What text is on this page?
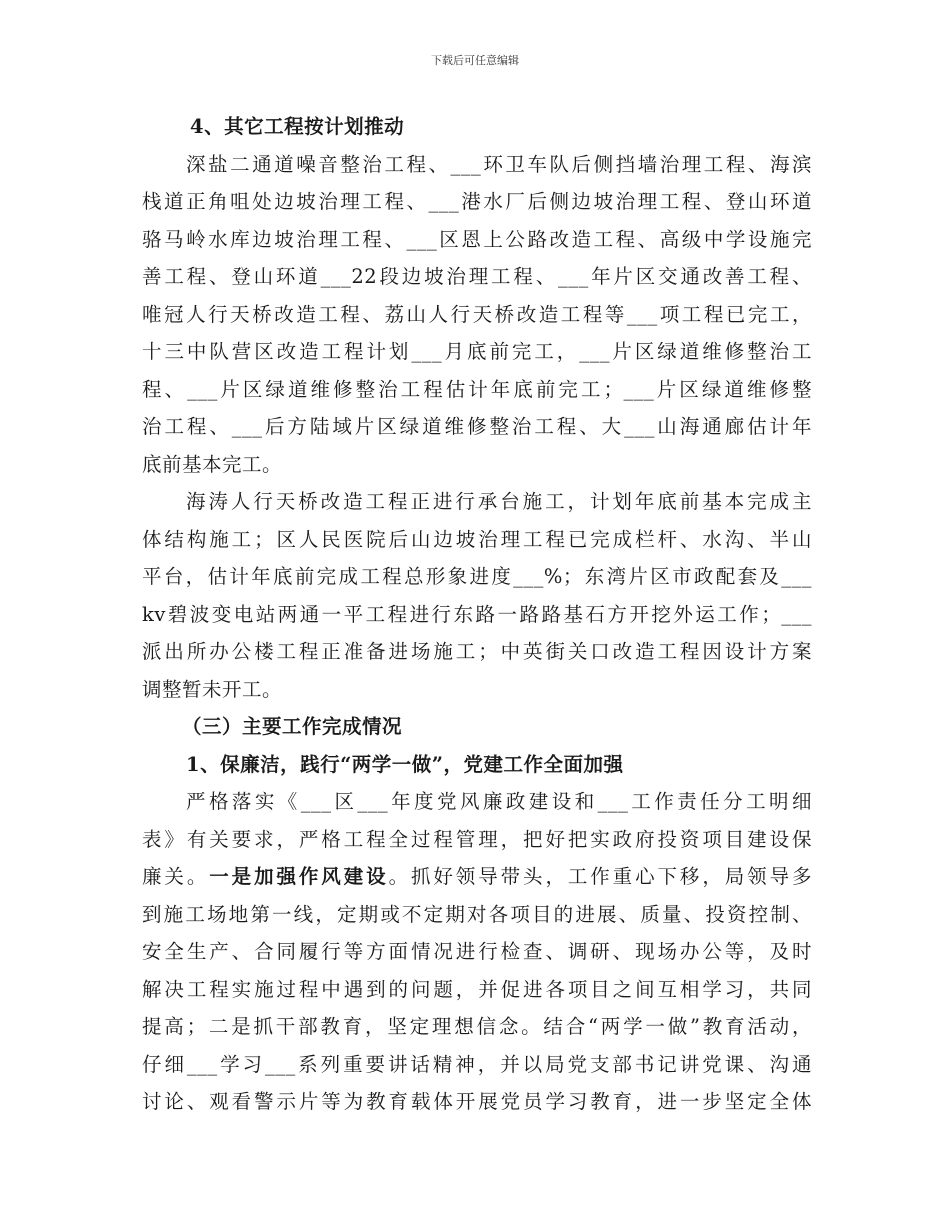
下载后可任意编辑
4、其它工程按计划推动
深盐二通道噪音整治工程、___环卫车队后侧挡墙治理工程、海滨
栈道正角咀处边坡治理工程、___港水厂后侧边坡治理工程、登山环道
骆马岭水库边坡治理工程、___区恩上公路改造工程、高级中学设施完
善工程、登山环道___22段边坡治理工程、___年片区交通改善工程、
唯冠人行天桥改造工程、荔山人行天桥改造工程等___项工程已完工，
十三中队营区改造工程计划___月底前完工，___片区绿道维修整治工
程、___片区绿道维修整治工程估计年底前完工；___片区绿道维修整
治工程、___后方陆域片区绿道维修整治工程、大___山海通廊估计年
底前基本完工。
海涛人行天桥改造工程正进行承台施工，计划年底前基本完成主
体结构施工；区人民医院后山边坡治理工程已完成栏杆、水沟、半山
平台，估计年底前完成工程总形象进度___%；东湾片区市政配套及___
kv碧波变电站两通一平工程进行东路一路路基石方开挖外运工作；___
派出所办公楼工程正准备进场施工；中英街关口改造工程因设计方案
调整暂未开工。
（三）主要工作完成情况
1、保廉洁，践行“两学一做”，党建工作全面加强
严格落实《___区___年度党风廉政建设和___工作责任分工明细
表》有关要求，严格工程全过程管理，把好把实政府投资项目建设保
廉关。一是加强作风建设。抓好领导带头，工作重心下移，局领导多
到施工场地第一线，定期或不定期对各项目的进展、质量、投资控制、
安全生产、合同履行等方面情况进行检查、调研、现场办公等，及时
解决工程实施过程中遇到的问题，并促进各项目之间互相学习，共同
提高；二是抓干部教育，坚定理想信念。结合“两学一做”教育活动，
仔细___学习___系列重要讲话精神，并以局党支部书记讲党课、沟通
讨论、观看警示片等为教育载体开展党员学习教育，进一步坚定全体
